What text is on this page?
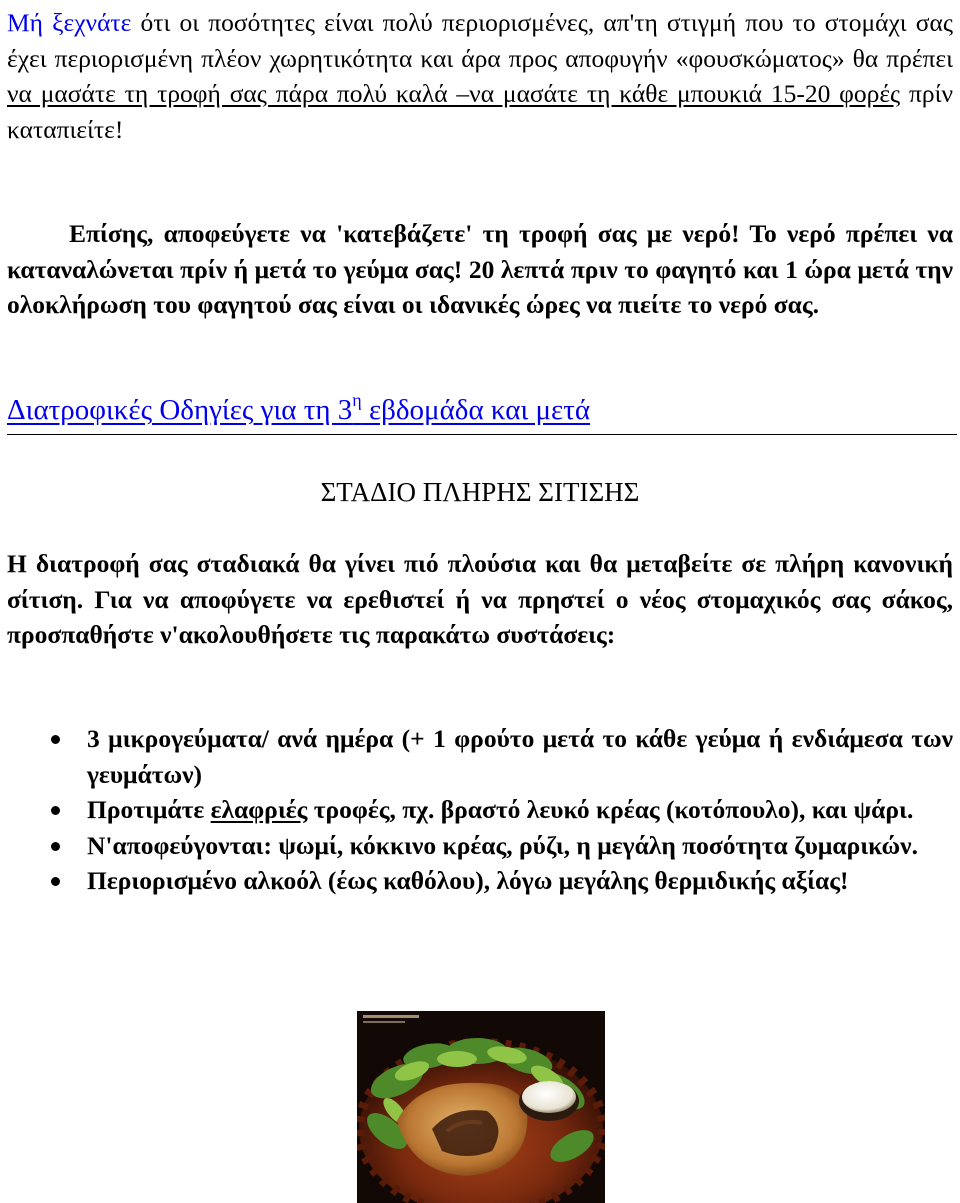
Μή ξεχνάτε ότι οι ποσότητες είναι πολύ περιορισμένες, απ'τη στιγμή που το στομάχι σας έχει περιορισμένη πλέον χωρητικότητα και άρα προς αποφυγήν «φουσκώματος» θα πρέπει να μασάτε τη τροφή σας πάρα πολύ καλά –να μασάτε τη κάθε μπουκιά 15-20 φορές πρίν καταπιείτε!

Επίσης, αποφεύγετε να 'κατεβάζετε' τη τροφή σας με νερό! Το νερό πρέπει να καταναλώνεται πρίν ή μετά το γεύμα σας! 20 λεπτά πριν το φαγητό και 1 ώρα μετά την ολοκλήρωση του φαγητού σας είναι οι ιδανικές ώρες να πιείτε το νερό σας.

Διατροφικές Οδηγίες για τη $3^\eta$ εβδομάδα και μετά
ΣΤΑΔΙΟ ΠΛΗΡΗΣ ΣΙΤΙΣΗΣ

Η διατροφή σας σταδιακά θα γίνει πιό πλούσια και θα μεταβείτε σε πλήρη κανονική σίτιση. Για να αποφύγετε να ερεθιστεί ή να πρηστεί ο νέος στομαχικός σας σάκος, προσπαθήστε ν'ακολουθήσετε τις παρακάτω συστάσεις:

3 μικρογεύματα/ ανά ημέρα (+ 1 φρούτο μετά το κάθε γεύμα ή ενδιάμεσα των γευμάτων)
Προτιμάτε ελαφριές τροφές, πχ. βραστό λευκό κρέας (κοτόπουλο), και ψάρι.
Ν'αποφεύγονται: ψωμί, κόκκινο κρέας, ρύζι, η μεγάλη ποσότητα ζυμαρικών.
Περιορισμένο αλκοόλ (έως καθόλου), λόγω μεγάλης θερμιδικής αξίας!
